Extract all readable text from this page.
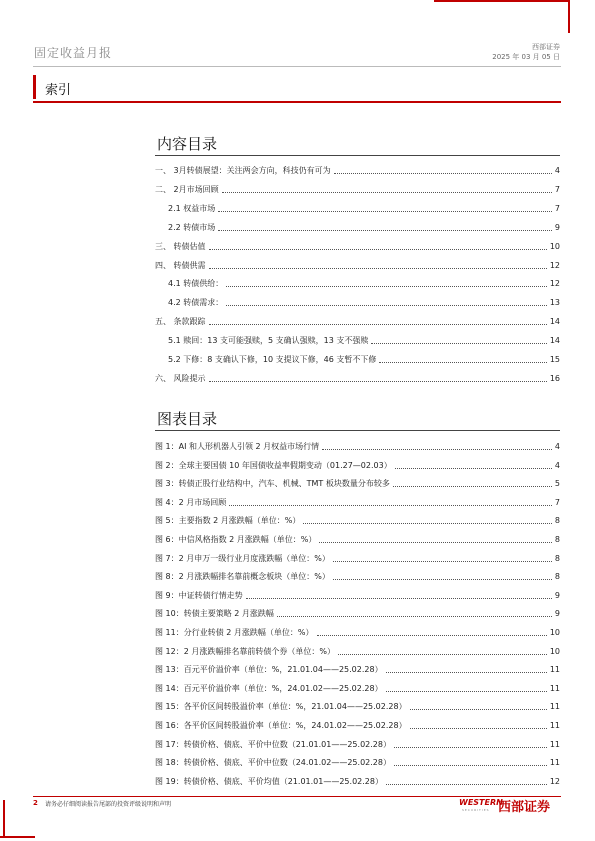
固定收益月报	西部证券
2025 年 03 月 05 日
索引
内容目录
一、 3月转债展望：关注两会方向，科技仍有可为	4
二、 2月市场回顾	7
2.1 权益市场	7
2.2 转债市场	9
三、 转债估值	10
四、 转债供需	12
4.1 转债供给：	12
4.2 转债需求：	13
五、 条款跟踪	14
5.1 赎回：13 支可能强赎，5 支确认强赎，13 支不强赎	14
5.2 下修：8 支确认下修，10 支提议下修，46 支暂不下修	15
六、 风险提示	16
图表目录
图 1：AI 和人形机器人引领 2 月权益市场行情	4
图 2：全球主要国债 10 年国债收益率假期变动（01.27—02.03）	4
图 3：转债正股行业结构中，汽车、机械、TMT 板块数量分布较多	5
图 4：2 月市场回顾	7
图 5：主要指数 2 月涨跌幅（单位：%）	8
图 6：中信风格指数 2 月涨跌幅（单位：%）	8
图 7：2 月申万一级行业月度涨跌幅（单位：%）	8
图 8：2 月涨跌幅排名靠前概念板块（单位：%）	8
图 9：中证转债行情走势	9
图 10：转债主要策略 2 月涨跌幅	9
图 11：分行业转债 2 月涨跌幅（单位：%）	10
图 12：2 月涨跌幅排名靠前转债个券（单位：%）	10
图 13：百元平价溢价率（单位：%，21.01.04——25.02.28）	11
图 14：百元平价溢价率（单位：%，24.01.02——25.02.28）	11
图 15：各平价区间转股溢价率（单位：%，21.01.04——25.02.28）	11
图 16：各平价区间转股溢价率（单位：%，24.01.02——25.02.28）	11
图 17：转债价格、债底、平价中位数（21.01.01——25.02.28）	11
图 18：转债价格、债底、平价中位数（24.01.02——25.02.28）	11
图 19：转债价格、债底、平价均值（21.01.01——25.02.28）	12
2 请务必仔细阅读报告尾部的投资评级说明和声明	WESTERN
SECURITIES 西部证券
